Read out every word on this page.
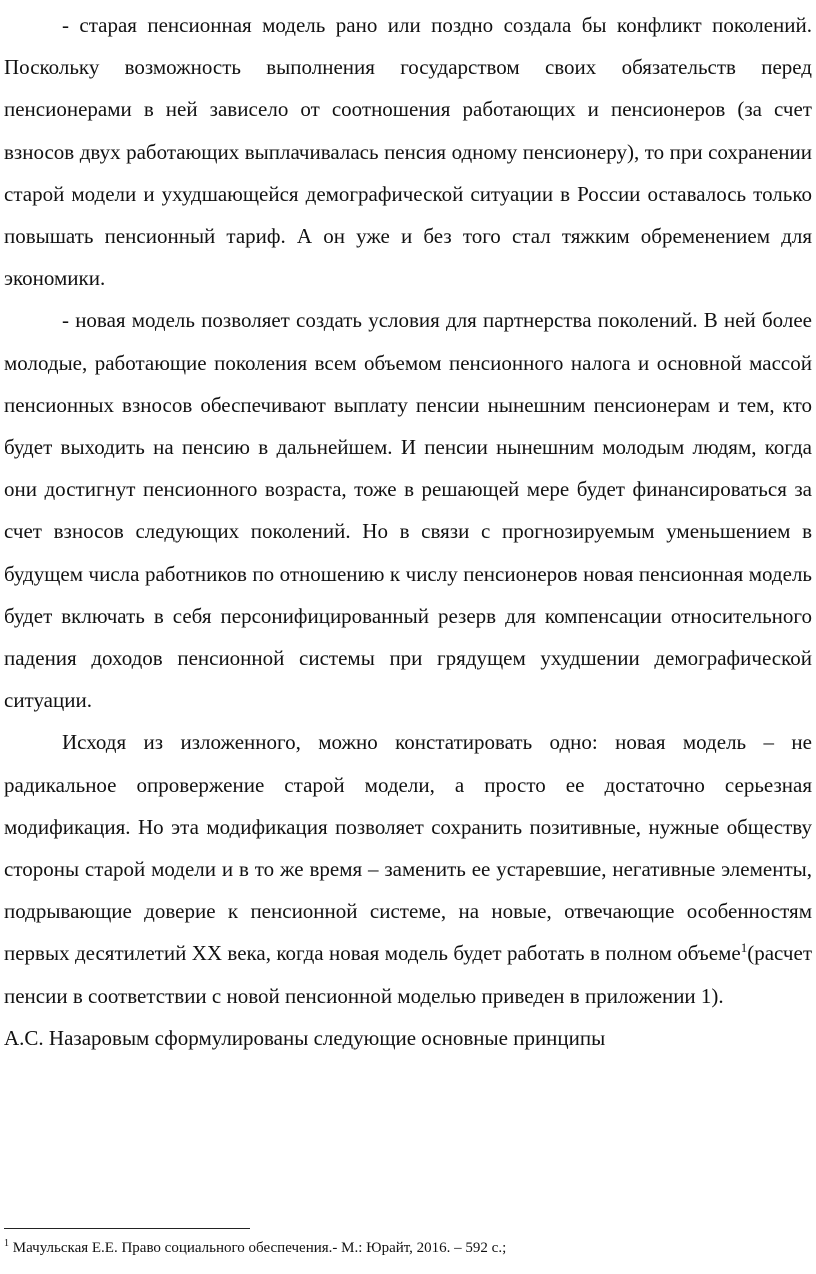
- старая пенсионная модель рано или поздно создала бы конфликт поколений. Поскольку возможность выполнения государством своих обязательств перед пенсионерами в ней зависело от соотношения работающих и пенсионеров (за счет взносов двух работающих выплачивалась пенсия одному пенсионеру), то при сохранении старой модели и ухудшающейся демографической ситуации в России оставалось только повышать пенсионный тариф. А он уже и без того стал тяжким обременением для экономики.

- новая модель позволяет создать условия для партнерства поколений. В ней более молодые, работающие поколения всем объемом пенсионного налога и основной массой пенсионных взносов обеспечивают выплату пенсии нынешним пенсионерам и тем, кто будет выходить на пенсию в дальнейшем. И пенсии нынешним молодым людям, когда они достигнут пенсионного возраста, тоже в решающей мере будет финансироваться за счет взносов следующих поколений. Но в связи с прогнозируемым уменьшением в будущем числа работников по отношению к числу пенсионеров новая пенсионная модель будет включать в себя персонифицированный резерв для компенсации относительного падения доходов пенсионной системы при грядущем ухудшении демографической ситуации.

Исходя из изложенного, можно констатировать одно: новая модель – не радикальное опровержение старой модели, а просто ее достаточно серьезная модификация. Но эта модификация позволяет сохранить позитивные, нужные обществу стороны старой модели и в то же время – заменить ее устаревшие, негативные элементы, подрывающие доверие к пенсионной системе, на новые, отвечающие особенностям первых десятилетий XX века, когда новая модель будет работать в полном объеме$^1$(расчет пенсии в соответствии с новой пенсионной моделью приведен в приложении 1).

А.С. Назаровым сформулированы следующие основные принципы

$^1$ Мачульская Е.Е. Право социального обеспечения.- М.: Юрайт, 2016. – 592 с.;
